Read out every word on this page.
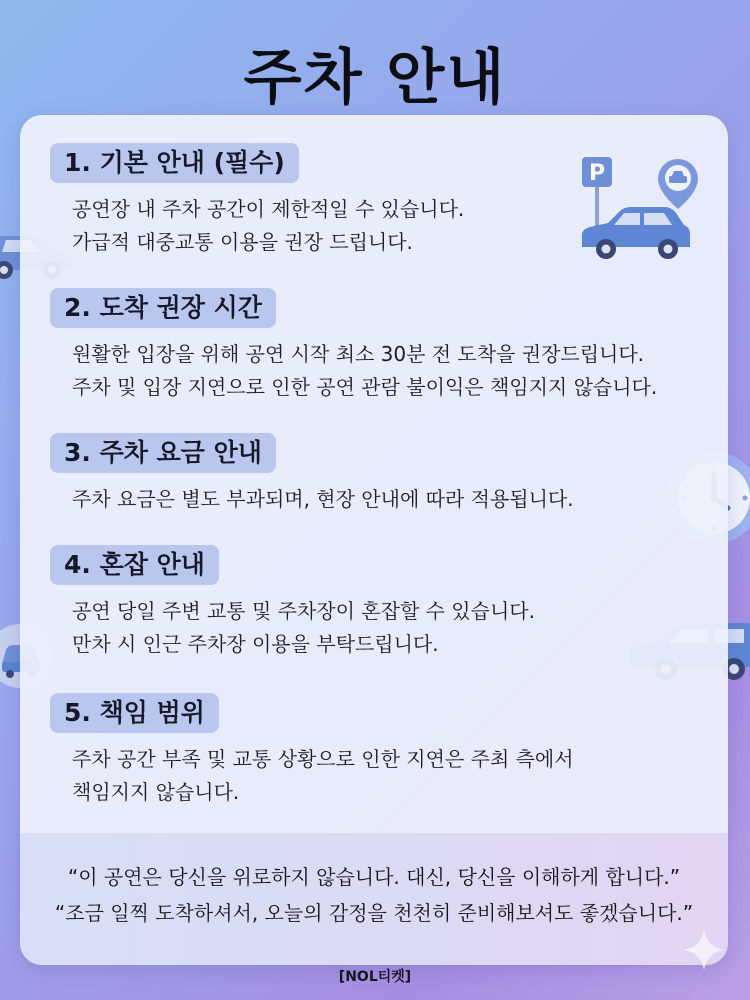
주차 안내
P
1. 기본 안내 (필수)
공연장 내 주차 공간이 제한적일 수 있습니다.
가급적 대중교통 이용을 권장 드립니다.
2. 도착 권장 시간
원활한 입장을 위해 공연 시작 최소 30분 전 도착을 권장드립니다.
주차 및 입장 지연으로 인한 공연 관람 불이익은 책임지지 않습니다.
3. 주차 요금 안내
주차 요금은 별도 부과되며, 현장 안내에 따라 적용됩니다.
4. 혼잡 안내
공연 당일 주변 교통 및 주차장이 혼잡할 수 있습니다.
만차 시 인근 주차장 이용을 부탁드립니다.
5. 책임 범위
주차 공간 부족 및 교통 상황으로 인한 지연은 주최 측에서
책임지지 않습니다.
“이 공연은 당신을 위로하지 않습니다. 대신, 당신을 이해하게 합니다.”
“조금 일찍 도착하셔서, 오늘의 감정을 천천히 준비해보셔도 좋겠습니다.”
[NOL티켓]
